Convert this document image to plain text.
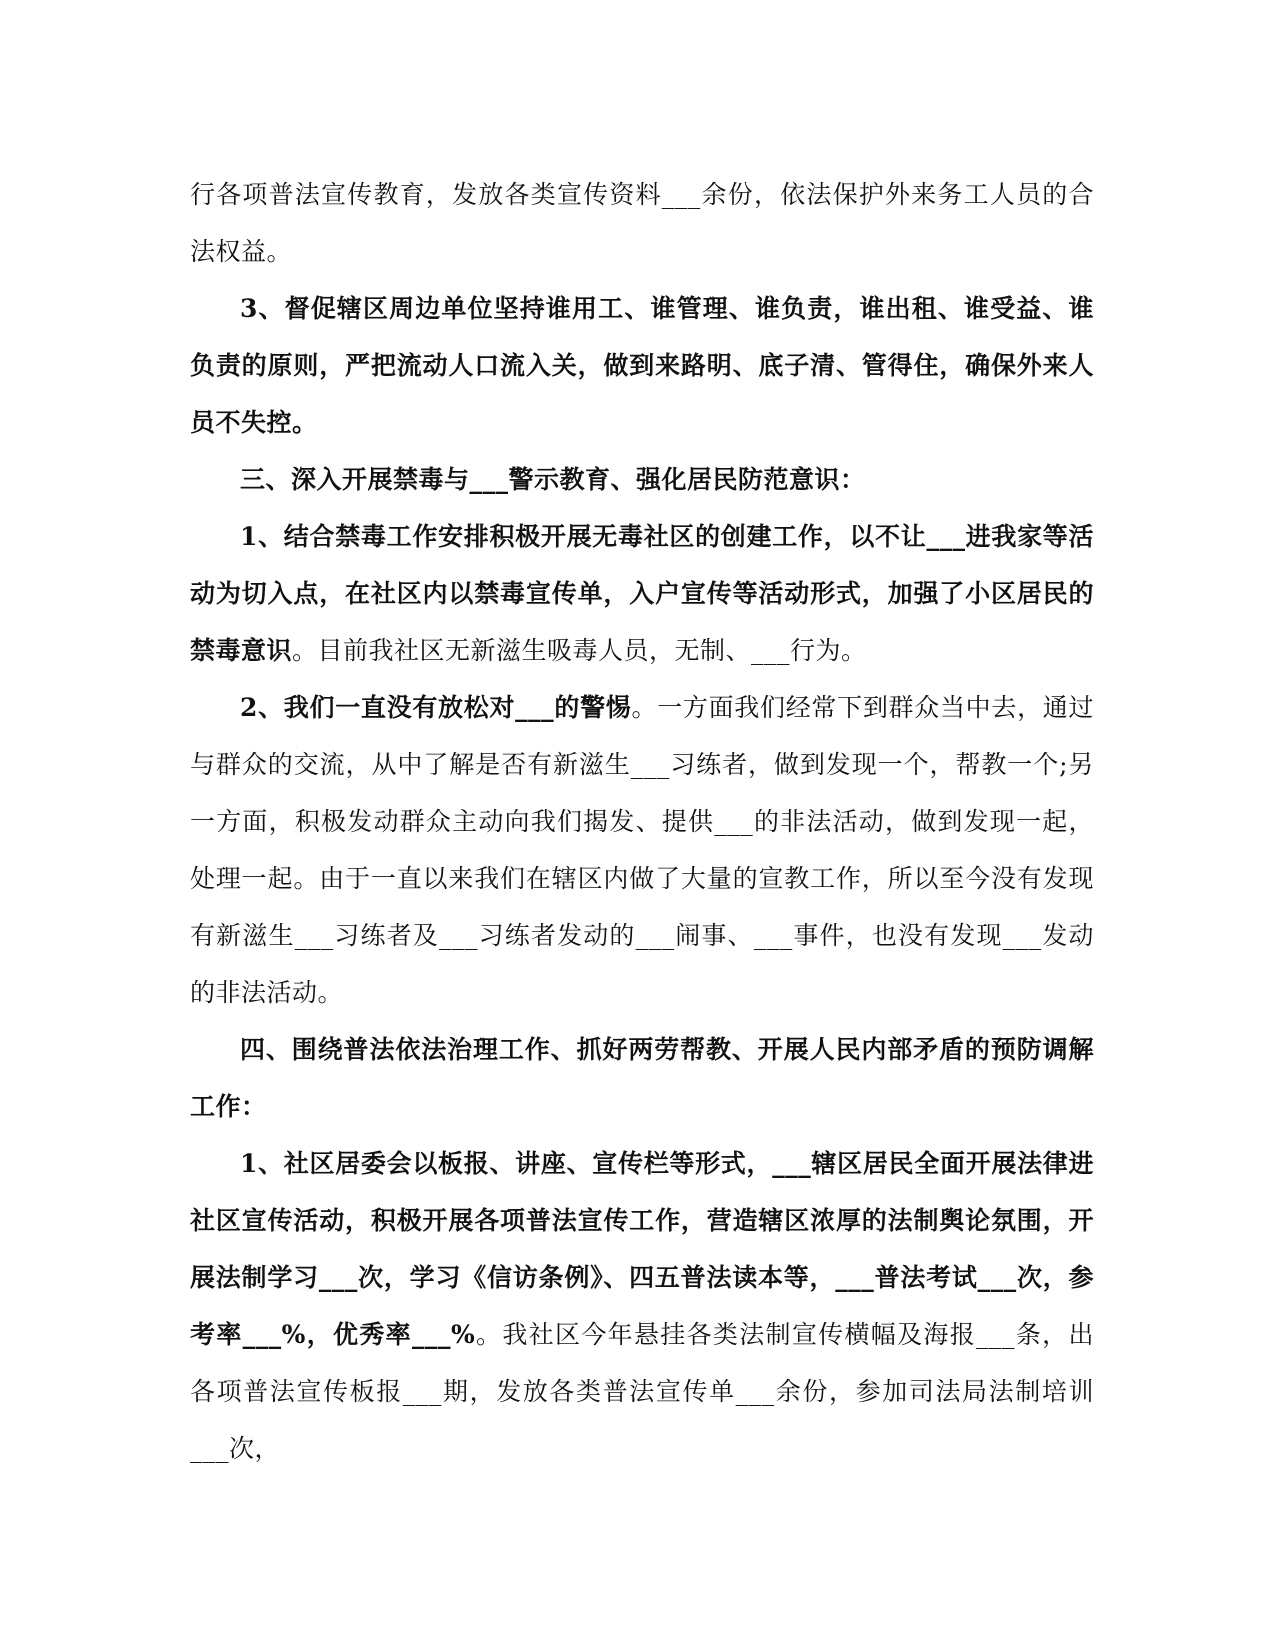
行各项普法宣传教育，发放各类宣传资料___余份，依法保护外来务工人员的合法权益。

3、督促辖区周边单位坚持谁用工、谁管理、谁负责，谁出租、谁受益、谁负责的原则，严把流动人口流入关，做到来路明、底子清、管得住，确保外来人员不失控。

三、深入开展禁毒与___警示教育、强化居民防范意识：

1、结合禁毒工作安排积极开展无毒社区的创建工作，以不让___进我家等活动为切入点，在社区内以禁毒宣传单，入户宣传等活动形式，加强了小区居民的禁毒意识。目前我社区无新滋生吸毒人员，无制、___行为。

2、我们一直没有放松对___的警惕。一方面我们经常下到群众当中去，通过与群众的交流，从中了解是否有新滋生___习练者，做到发现一个，帮教一个;另一方面，积极发动群众主动向我们揭发、提供___的非法活动，做到发现一起，处理一起。由于一直以来我们在辖区内做了大量的宣教工作，所以至今没有发现有新滋生___习练者及___习练者发动的___闹事、___事件，也没有发现___发动的非法活动。

四、围绕普法依法治理工作、抓好两劳帮教、开展人民内部矛盾的预防调解工作：

1、社区居委会以板报、讲座、宣传栏等形式，___辖区居民全面开展法律进社区宣传活动，积极开展各项普法宣传工作，营造辖区浓厚的法制舆论氛围，开展法制学习___次，学习《信访条例》、四五普法读本等，___普法考试___次，参考率___%，优秀率___%。我社区今年悬挂各类法制宣传横幅及海报___条，出各项普法宣传板报___期，发放各类普法宣传单___余份，参加司法局法制培训___次，
